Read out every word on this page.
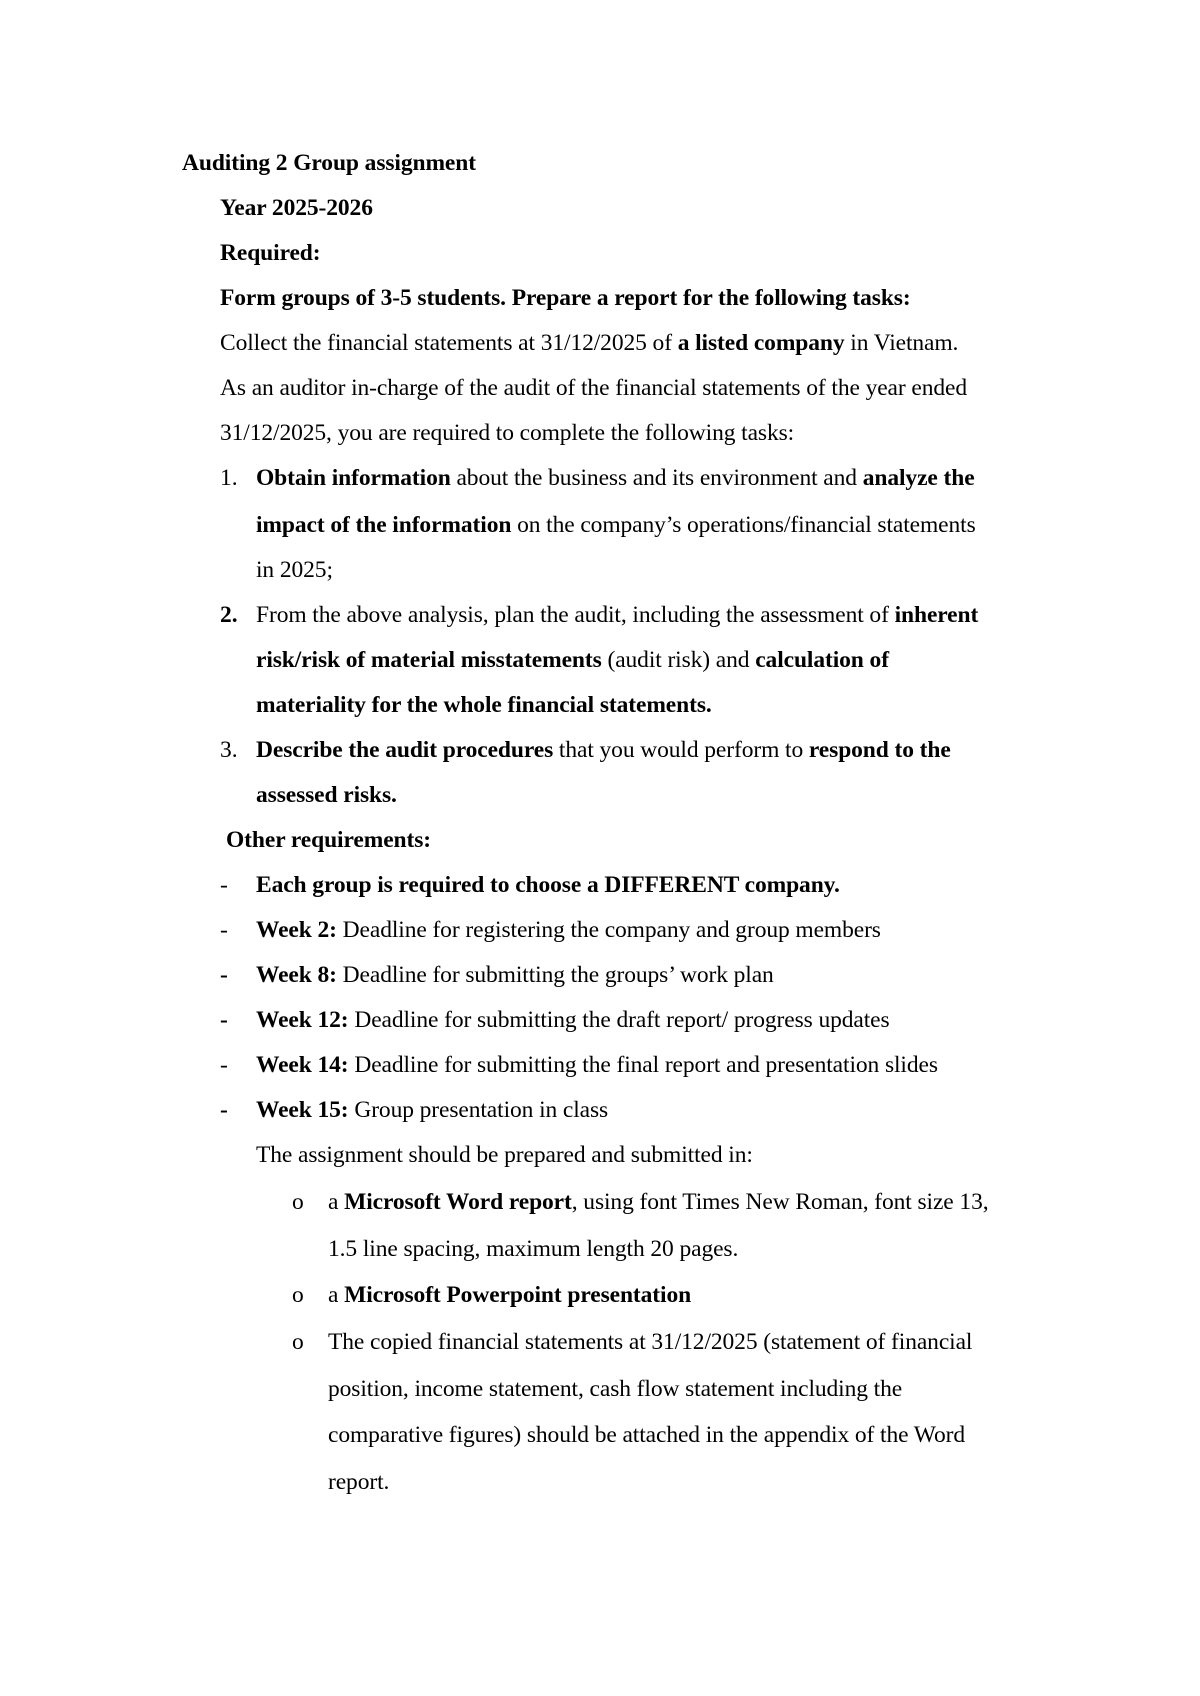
Auditing 2 Group assignment
Year 2025-2026
Required:
Form groups of 3-5 students. Prepare a report for the following tasks:
Collect the financial statements at 31/12/2025 of a listed company in Vietnam.
As an auditor in-charge of the audit of the financial statements of the year ended
31/12/2025, you are required to complete the following tasks:
1. Obtain information about the business and its environment and analyze the
impact of the information on the company’s operations/financial statements
in 2025;
2. From the above analysis, plan the audit, including the assessment of inherent
risk/risk of material misstatements (audit risk) and calculation of
materiality for the whole financial statements.
3. Describe the audit procedures that you would perform to respond to the
assessed risks.
Other requirements:
- Each group is required to choose a DIFFERENT company.
- Week 2: Deadline for registering the company and group members
- Week 8: Deadline for submitting the groups’ work plan
- Week 12: Deadline for submitting the draft report/ progress updates
- Week 14: Deadline for submitting the final report and presentation slides
- Week 15: Group presentation in class
The assignment should be prepared and submitted in:
o a Microsoft Word report, using font Times New Roman, font size 13,
1.5 line spacing, maximum length 20 pages.
o a Microsoft Powerpoint presentation
o The copied financial statements at 31/12/2025 (statement of financial
position, income statement, cash flow statement including the
comparative figures) should be attached in the appendix of the Word
report.
